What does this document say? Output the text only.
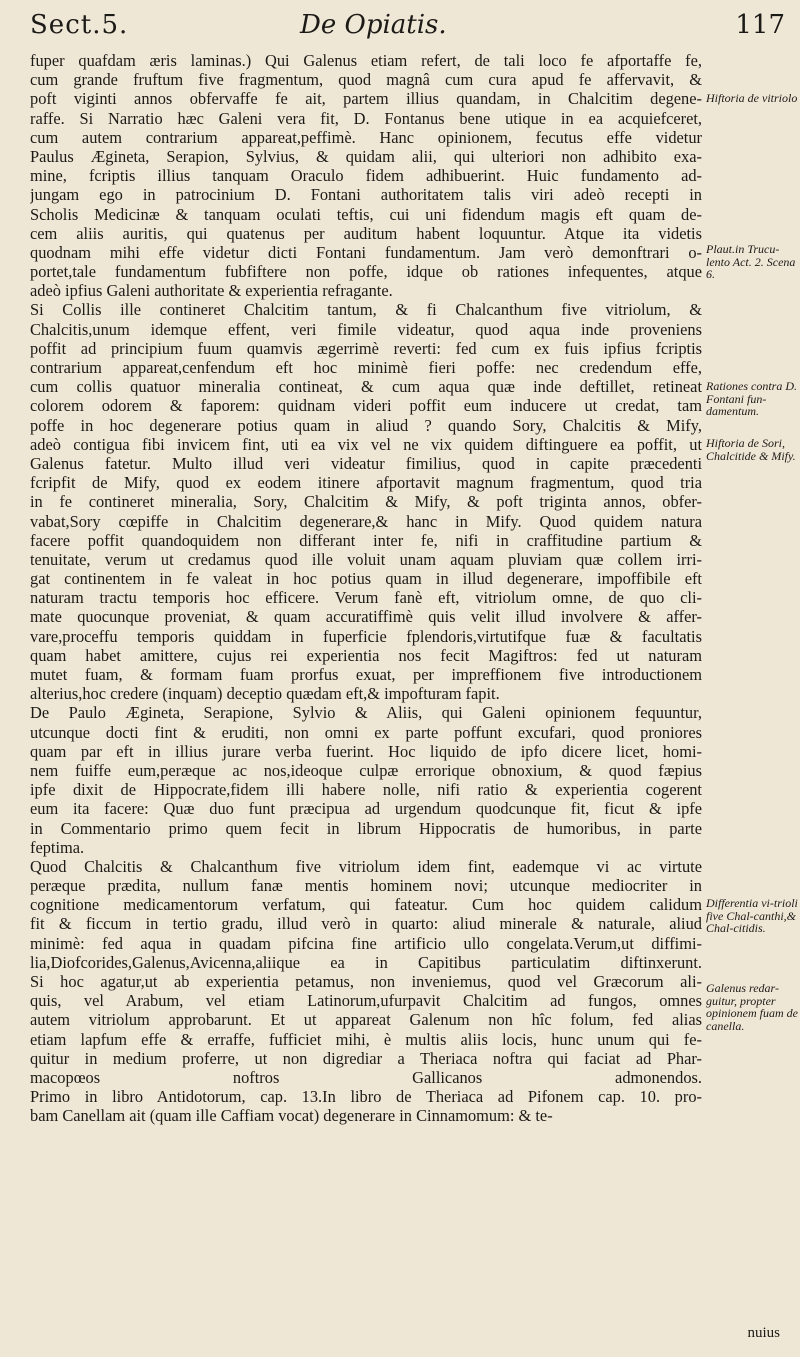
Sect.5.	De Opiatis.	117
fuper quafdam æris laminas.) Qui Galenus etiam refert, de tali loco fe afportaffe fe,
cum grande fruftum five fragmentum, quod magnâ cum cura apud fe affervavit, &
poft viginti annos obfervaffe fe ait, partem illius quandam, in Chalcitim degene-
raffe. Si Narratio hæc Galeni vera fit, D. Fontanus bene utique in ea acquiefceret,
cum autem contrarium appareat,peffimè. Hanc opinionem, fecutus effe videtur
Paulus Ægineta, Serapion, Sylvius, & quidam alii, qui ulteriori non adhibito exa-
mine, fcriptis illius tanquam Oraculo fidem adhibuerint. Huic fundamento ad-
jungam ego in patrocinium D. Fontani authoritatem talis viri adeò recepti in
Scholis Medicinæ & tanquam oculati teftis, cui uni fidendum magis eft quam de-
cem aliis auritis, qui quatenus per auditum habent loquuntur. Atque ita videtis
quodnam mihi effe videtur dicti Fontani fundamentum. Jam verò demonftrari o-
portet,tale fundamentum fubfiftere non poffe, idque ob rationes infequentes, atque
adeò ipfius Galeni authoritate & experientia refragante.
Si Collis ille contineret Chalcitim tantum, & fi Chalcanthum five vitriolum, &
Chalcitis,unum idemque effent, veri fimile videatur, quod aqua inde proveniens
poffit ad principium fuum quamvis ægerrimè reverti: fed cum ex fuis ipfius fcriptis
contrarium appareat,cenfendum eft hoc minimè fieri poffe: nec credendum effe,
cum collis quatuor mineralia contineat, & cum aqua quæ inde deftillet, retineat
colorem odorem & faporem: quidnam videri poffit eum inducere ut credat, tam
poffe in hoc degenerare potius quam in aliud ? quando Sory, Chalcitis & Mify,
adeò contigua fibi invicem fint, uti ea vix vel ne vix quidem diftinguere ea poffit, ut
Galenus fatetur. Multo illud veri videatur fimilius, quod in capite præcedenti
fcripfit de Mify, quod ex eodem itinere afportavit magnum fragmentum, quod tria
in fe contineret mineralia, Sory, Chalcitim & Mify, & poft triginta annos, obfer-
vabat,Sory cœpiffe in Chalcitim degenerare,& hanc in Mify. Quod quidem natura
facere poffit quandoquidem non differant inter fe, nifi in craffitudine partium &
tenuitate, verum ut credamus quod ille voluit unam aquam pluviam quæ collem irri-
gat continentem in fe valeat in hoc potius quam in illud degenerare, impoffibile eft
naturam tractu temporis hoc efficere. Verum fanè eft, vitriolum omne, de quo cli-
mate quocunque proveniat, & quam accuratiffimè quis velit illud involvere & affer-
vare,proceffu temporis quiddam in fuperficie fplendoris,virtutifque fuæ & facultatis
quam habet amittere, cujus rei experientia nos fecit Magiftros: fed ut naturam
mutet fuam, & formam fuam prorfus exuat, per impreffionem five introductionem
alterius,hoc credere (inquam) deceptio quædam eft,& impofturam fapit.
De Paulo Ægineta, Serapione, Sylvio & Aliis, qui Galeni opinionem fequuntur,
utcunque docti fint & eruditi, non omni ex parte poffunt excufari, quod proniores
quam par eft in illius jurare verba fuerint. Hoc liquido de ipfo dicere licet, homi-
nem fuiffe eum,peræque ac nos,ideoque culpæ errorique obnoxium, & quod fæpius
ipfe dixit de Hippocrate,fidem illi habere nolle, nifi ratio & experientia cogerent
eum ita facere: Quæ duo funt præcipua ad urgendum quodcunque fit, ficut & ipfe
in Commentario primo quem fecit in librum Hippocratis de humoribus, in parte
feptima.
Quod Chalcitis & Chalcanthum five vitriolum idem fint, eademque vi ac virtute
peræque prædita, nullum fanæ mentis hominem novi; utcunque mediocriter in
cognitione medicamentorum verfatum, qui fateatur. Cum hoc quidem calidum
fit & ficcum in tertio gradu, illud verò in quarto: aliud minerale & naturale, aliud
minimè: fed aqua in quadam pifcina fine artificio ullo congelata.Verum,ut diffimi-
lia,Diofcorides,Galenus,Avicenna,aliique ea in Capitibus particulatim diftinxerunt.
Si hoc agatur,ut ab experientia petamus, non inveniemus, quod vel Græcorum ali-
quis, vel Arabum, vel etiam Latinorum,ufurpavit Chalcitim ad fungos, omnes
autem vitriolum approbarunt. Et ut appareat Galenum non hîc folum, fed alias
etiam lapfum effe & erraffe, fufficiet mihi, è multis aliis locis, hunc unum qui fe-
quitur in medium proferre, ut non digrediar a Theriaca noftra qui faciat ad Phar-
macopœos noftros Gallicanos admonendos.
Primo in libro Antidotorum, cap. 13.In libro de Theriaca ad Pifonem cap. 10. pro-
bam Canellam ait (quam ille Caffiam vocat) degenerare in Cinnamomum: & te-
Hiftoria de vitriolo
Plaut.in Trucu-lento Act. 2. Scena 6.
Rationes contra D. Fontani fun-damentum.
Hiftoria de Sori, Chalcitide & Mify.
Differentia vi-trioli five Chal-canthi,& Chal-citidis.
Galenus redar-guitur, propter opinionem fuam de canella.
nuius
